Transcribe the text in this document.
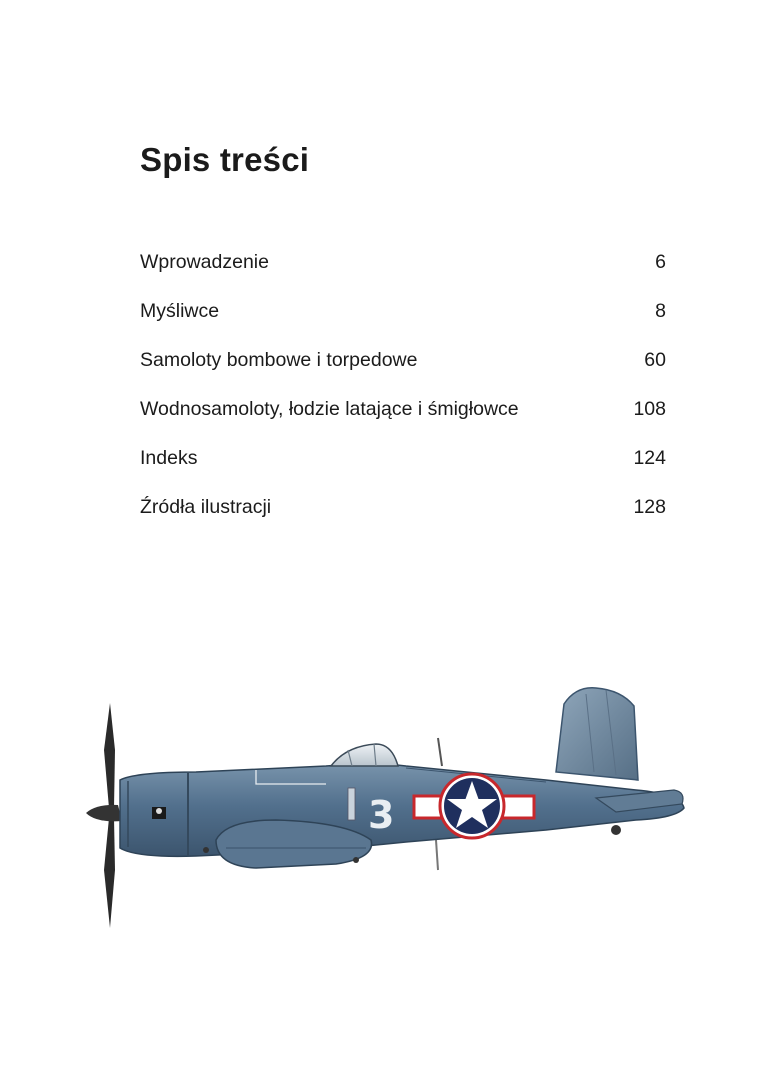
Spis treści
Wprowadzenie	6
Myśliwce	8
Samoloty bombowe i torpedowe	60
Wodnosamoloty, łodzie latające i śmigłowce	108
Indeks	124
Źródła ilustracji	128
3
